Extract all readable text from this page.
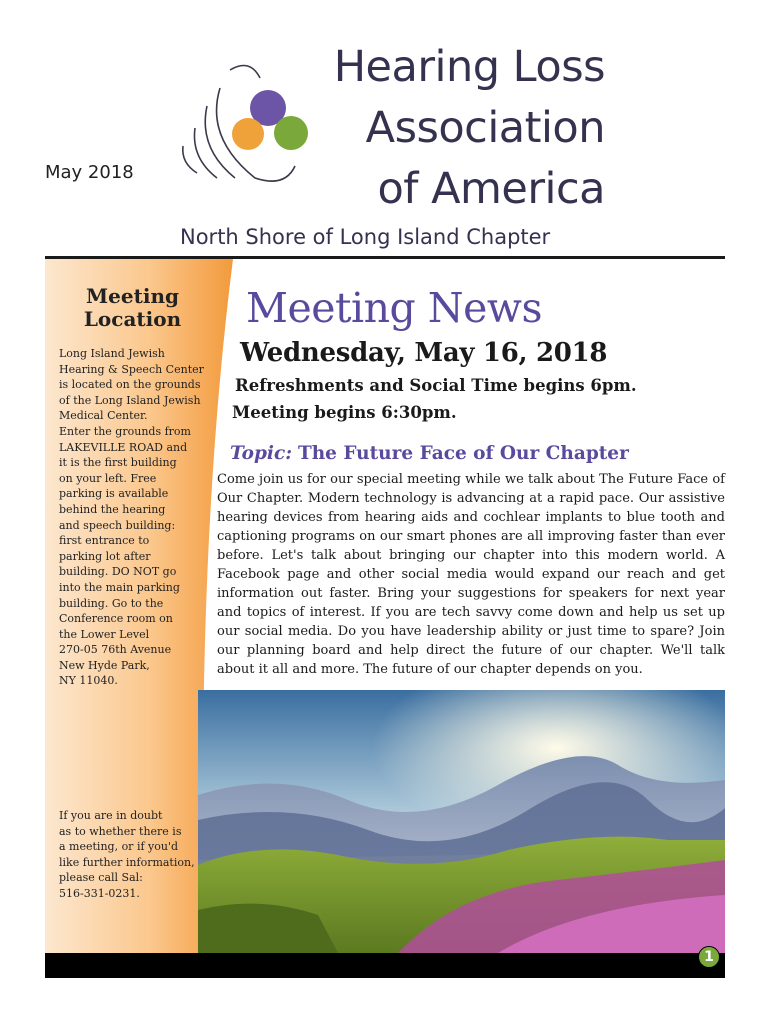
Hearing Loss
Association
of America
May 2018
North Shore of Long Island Chapter
Meeting
Location
Long Island Jewish
Hearing & Speech Center
is located on the grounds
of the Long Island Jewish
Medical Center.
Enter the grounds from
LAKEVILLE ROAD and
it is the first building
on your left. Free
parking is available
behind the hearing
and speech building:
first entrance to
parking lot after
building. DO NOT go
into the main parking
building. Go to the
Conference room on
the Lower Level
270-05 76th Avenue
New Hyde Park,
NY 11040.
If you are in doubt
as to whether there is
a meeting, or if you'd
like further information,
please call Sal:
516-331-0231.
Meeting News
Wednesday, May 16, 2018
Refreshments and Social Time begins 6pm.
Meeting begins 6:30pm.
Topic: The Future Face of Our Chapter
Come join us for our special meeting while we talk about The Future Face of Our Chapter. Modern technology is advancing at a rapid pace. Our assistive hearing devices from hearing aids and cochlear implants to blue tooth and captioning programs on our smart phones are all improving faster than ever before. Let's talk about bringing our chapter into this modern world. A Facebook page and other social media would expand our reach and get information out faster. Bring your suggestions for speakers for next year and topics of interest. If you are tech savvy come down and help us set up our social media. Do you have leadership ability or just time to spare? Join our planning board and help direct the future of our chapter. We'll talk about it all and more. The future of our chapter depends on you.
1
